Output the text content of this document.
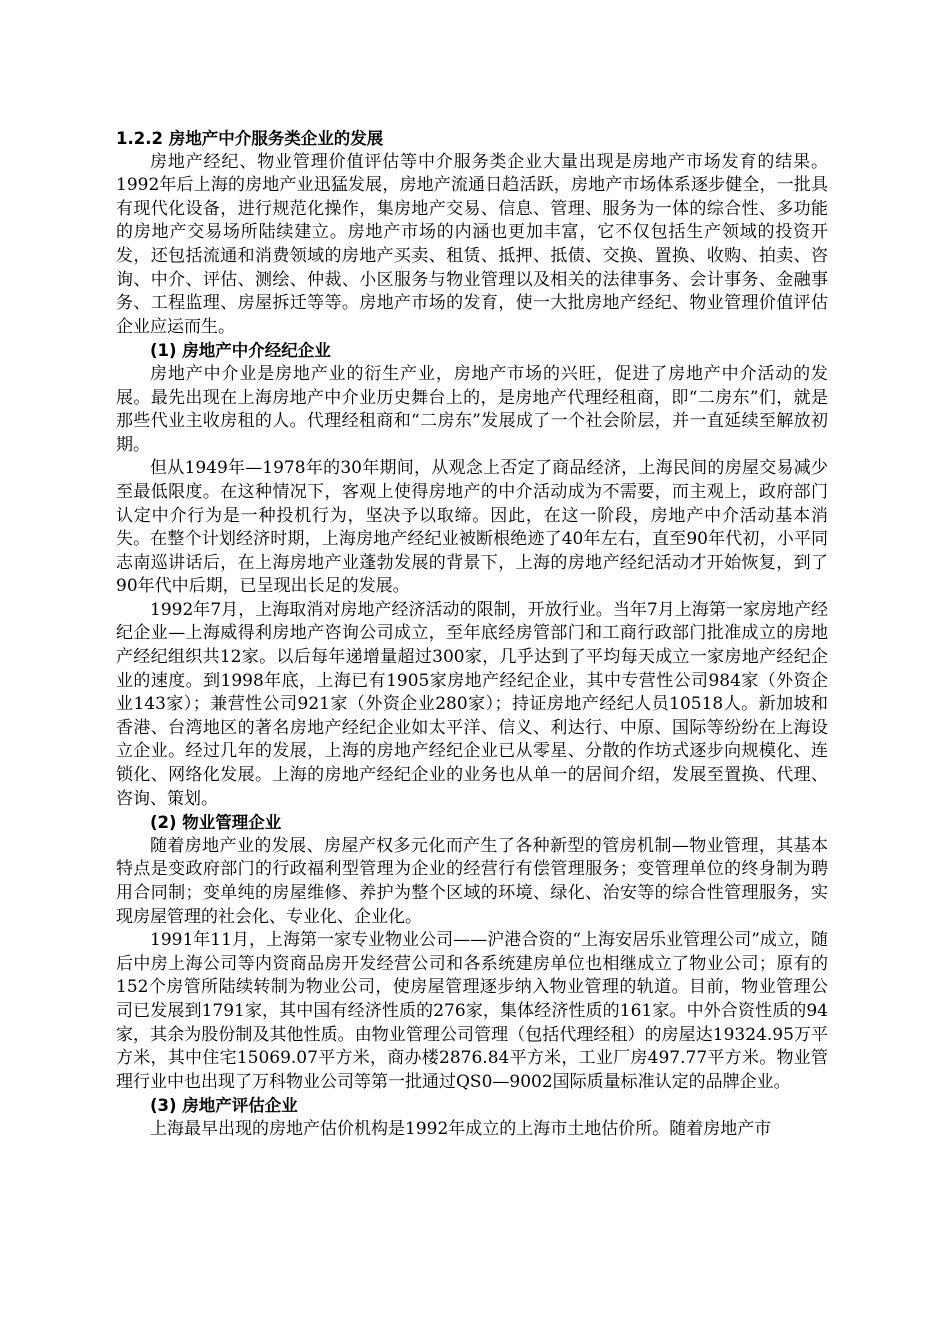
1.2.2 房地产中介服务类企业的发展

房地产经纪、物业管理价值评估等中介服务类企业大量出现是房地产市场发育的结果。1992年后上海的房地产业迅猛发展，房地产流通日趋活跃，房地产市场体系逐步健全，一批具有现代化设备，进行规范化操作，集房地产交易、信息、管理、服务为一体的综合性、多功能的房地产交易场所陆续建立。房地产市场的内涵也更加丰富，它不仅包括生产领域的投资开发，还包括流通和消费领域的房地产买卖、租赁、抵押、抵债、交换、置换、收购、拍卖、咨询、中介、评估、测绘、仲裁、小区服务与物业管理以及相关的法律事务、会计事务、金融事务、工程监理、房屋拆迁等等。房地产市场的发育，使一大批房地产经纪、物业管理价值评估企业应运而生。

(1) 房地产中介经纪企业

房地产中介业是房地产业的衍生产业，房地产市场的兴旺，促进了房地产中介活动的发展。最先出现在上海房地产中介业历史舞台上的，是房地产代理经租商，即“二房东”们，就是那些代业主收房租的人。代理经租商和“二房东”发展成了一个社会阶层，并一直延续至解放初期。

但从1949年—1978年的30年期间，从观念上否定了商品经济，上海民间的房屋交易减少至最低限度。在这种情况下，客观上使得房地产的中介活动成为不需要，而主观上，政府部门认定中介行为是一种投机行为，坚决予以取缔。因此，在这一阶段，房地产中介活动基本消失。在整个计划经济时期，上海房地产经纪业被断根绝迹了40年左右，直至90年代初，小平同志南巡讲话后，在上海房地产业蓬勃发展的背景下，上海的房地产经纪活动才开始恢复，到了90年代中后期，已呈现出长足的发展。

1992年7月，上海取消对房地产经济活动的限制，开放行业。当年7月上海第一家房地产经纪企业—上海威得利房地产咨询公司成立，至年底经房管部门和工商行政部门批准成立的房地产经纪组织共12家。以后每年递增量超过300家，几乎达到了平均每天成立一家房地产经纪企业的速度。到1998年底，上海已有1905家房地产经纪企业，其中专营性公司984家（外资企业143家）；兼营性公司921家（外资企业280家）；持证房地产经纪人员10518人。新加坡和香港、台湾地区的著名房地产经纪企业如太平洋、信义、利达行、中原、国际等纷纷在上海设立企业。经过几年的发展，上海的房地产经纪企业已从零星、分散的作坊式逐步向规模化、连锁化、网络化发展。上海的房地产经纪企业的业务也从单一的居间介绍，发展至置换、代理、咨询、策划。

(2) 物业管理企业

随着房地产业的发展、房屋产权多元化而产生了各种新型的管房机制—物业管理，其基本特点是变政府部门的行政福利型管理为企业的经营行有偿管理服务；变管理单位的终身制为聘用合同制；变单纯的房屋维修、养护为整个区域的环境、绿化、治安等的综合性管理服务，实现房屋管理的社会化、专业化、企业化。

1991年11月，上海第一家专业物业公司——沪港合资的“上海安居乐业管理公司”成立，随后中房上海公司等内资商品房开发经营公司和各系统建房单位也相继成立了物业公司；原有的152个房管所陆续转制为物业公司，使房屋管理逐步纳入物业管理的轨道。目前，物业管理公司已发展到1791家，其中国有经济性质的276家，集体经济性质的161家。中外合资性质的94家，其余为股份制及其他性质。由物业管理公司管理（包括代理经租）的房屋达19324.95万平方米，其中住宅15069.07平方米，商办楼2876.84平方米，工业厂房497.77平方米。物业管理行业中也出现了万科物业公司等第一批通过QS0—9002国际质量标准认定的品牌企业。

(3) 房地产评估企业

上海最早出现的房地产估价机构是1992年成立的上海市土地估价所。随着房地产市
